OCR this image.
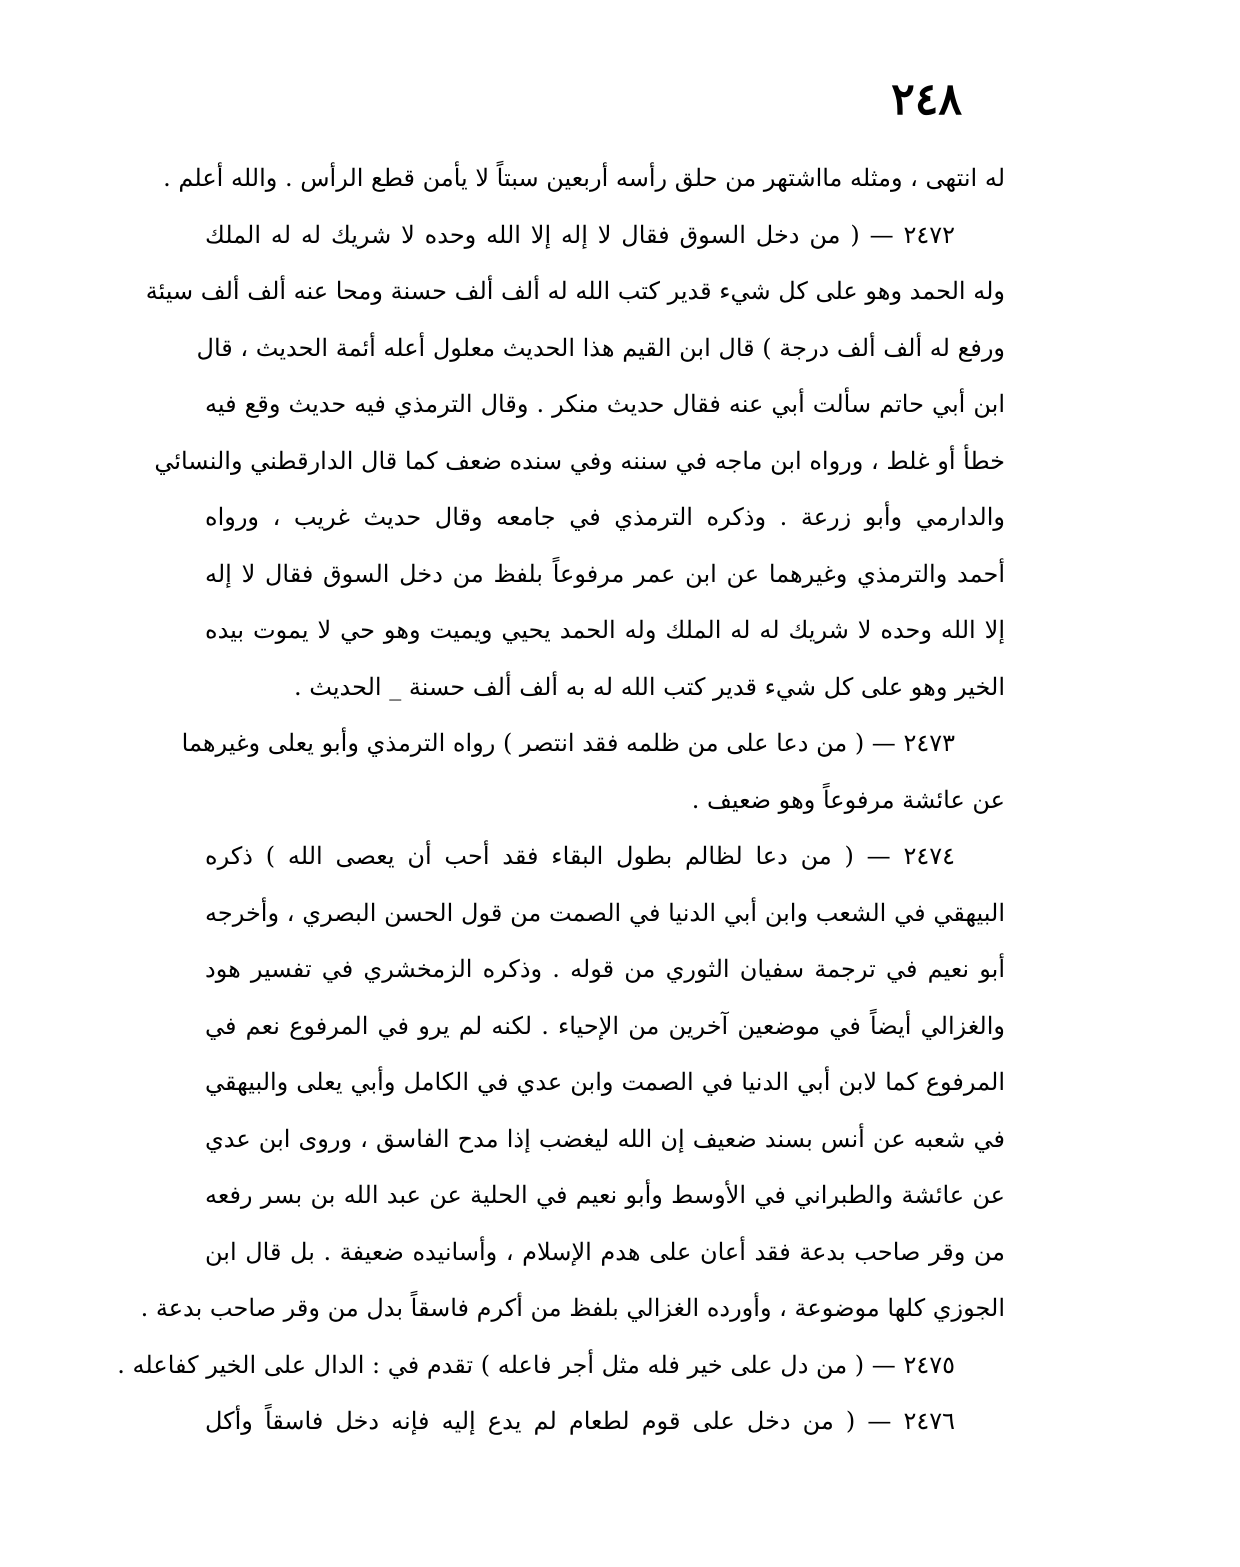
٢٤٨
له انتهى ، ومثله مااشتهر من حلق رأسه أربعين سبتاً لا يأمن قطع الرأس . والله أعلم .
٢٤٧٢ — ( من دخل السوق فقال لا إله إلا الله وحده لا شريك له له الملك
وله الحمد وهو على كل شيء قدير كتب الله له ألف ألف حسنة ومحا عنه ألف ألف سيئة
ورفع له ألف ألف درجة ) قال ابن القيم هذا الحديث معلول أعله أئمة الحديث ، قال
ابن أبي حاتم سألت أبي عنه فقال حديث منكر . وقال الترمذي فيه حديث وقع فيه
خطأ أو غلط ، ورواه ابن ماجه في سننه وفي سنده ضعف كما قال الدارقطني والنسائي
والدارمي وأبو زرعة . وذكره الترمذي في جامعه وقال حديث غريب ، ورواه
أحمد والترمذي وغيرهما عن ابن عمر مرفوعاً بلفظ من دخل السوق فقال لا إله
إلا الله وحده لا شريك له له الملك وله الحمد يحيي ويميت وهو حي لا يموت بيده
الخير وهو على كل شيء قدير كتب الله له به ألف ألف حسنة _ الحديث .
٢٤٧٣ — ( من دعا على من ظلمه فقد انتصر ) رواه الترمذي وأبو يعلى وغيرهما
عن عائشة مرفوعاً وهو ضعيف .
٢٤٧٤ — ( من دعا لظالم بطول البقاء فقد أحب أن يعصى الله ) ذكره
البيهقي في الشعب وابن أبي الدنيا في الصمت من قول الحسن البصري ، وأخرجه
أبو نعيم في ترجمة سفيان الثوري من قوله . وذكره الزمخشري في تفسير هود
والغزالي أيضاً في موضعين آخرين من الإحياء . لكنه لم يرو في المرفوع نعم في
المرفوع كما لابن أبي الدنيا في الصمت وابن عدي في الكامل وأبي يعلى والبيهقي
في شعبه عن أنس بسند ضعيف إن الله ليغضب إذا مدح الفاسق ، وروى ابن عدي
عن عائشة والطبراني في الأوسط وأبو نعيم في الحلية عن عبد الله بن بسر رفعه
من وقر صاحب بدعة فقد أعان على هدم الإسلام ، وأسانيده ضعيفة . بل قال ابن
الجوزي كلها موضوعة ، وأورده الغزالي بلفظ من أكرم فاسقاً بدل من وقر صاحب بدعة .
٢٤٧٥ — ( من دل على خير فله مثل أجر فاعله ) تقدم في : الدال على الخير كفاعله .
٢٤٧٦ — ( من دخل على قوم لطعام لم يدع إليه فإنه دخل فاسقاً وأكل
